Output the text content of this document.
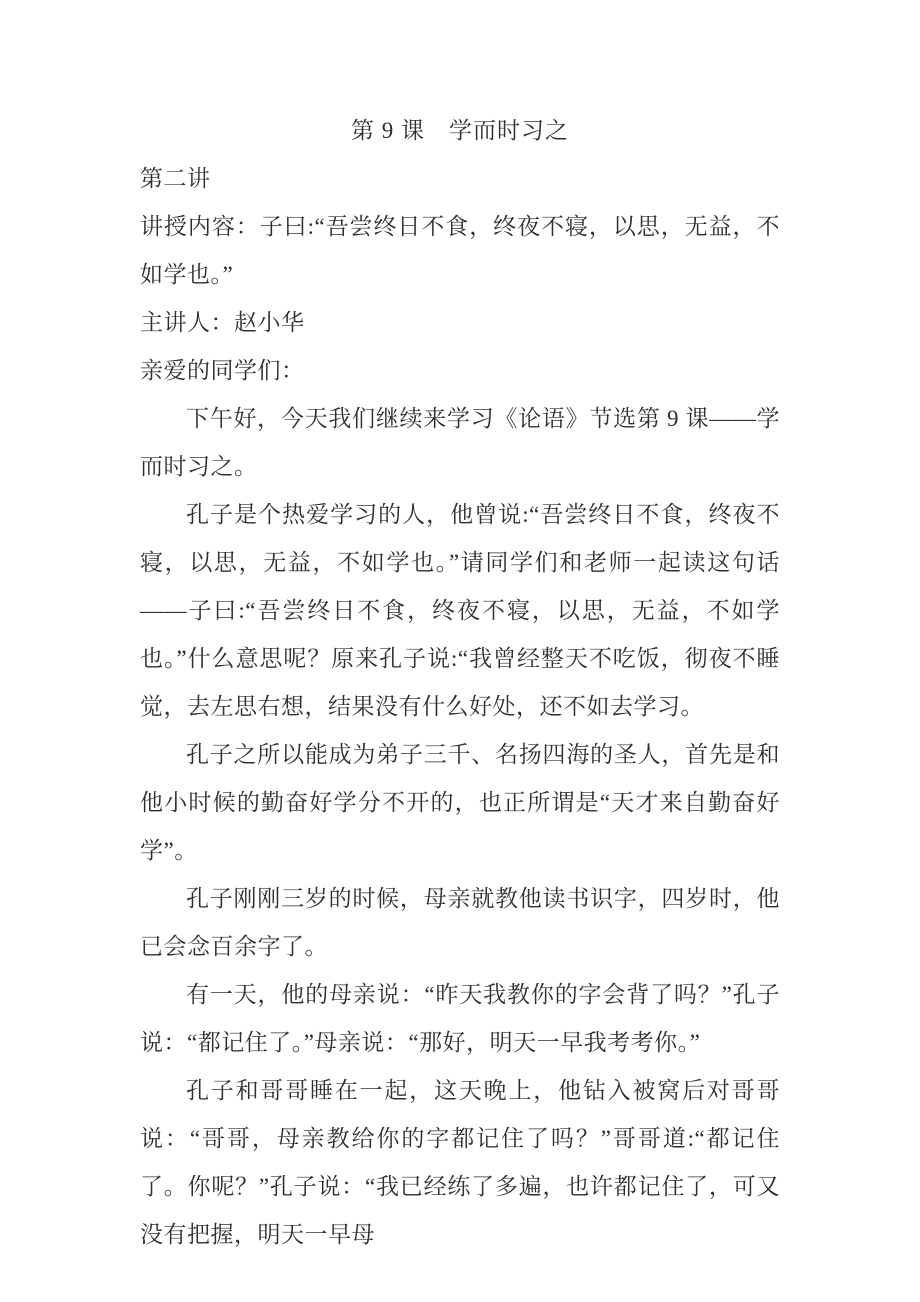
第 9 课　学而时习之

第二讲

讲授内容：子曰:“吾尝终日不食，终夜不寝，以思，无益，不如学也。”

主讲人：赵小华

亲爱的同学们：

下午好，今天我们继续来学习《论语》节选第 9 课——学而时习之。

孔子是个热爱学习的人，他曾说:“吾尝终日不食，终夜不寝，以思，无益，不如学也。”请同学们和老师一起读这句话——子曰:“吾尝终日不食，终夜不寝，以思，无益，不如学也。”什么意思呢？原来孔子说:“我曾经整天不吃饭，彻夜不睡觉，去左思右想，结果没有什么好处，还不如去学习。

孔子之所以能成为弟子三千、名扬四海的圣人，首先是和他小时候的勤奋好学分不开的，也正所谓是“天才来自勤奋好学”。

孔子刚刚三岁的时候，母亲就教他读书识字，四岁时，他已会念百余字了。

有一天，他的母亲说：“昨天我教你的字会背了吗？”孔子说：“都记住了。”母亲说：“那好，明天一早我考考你。”

孔子和哥哥睡在一起，这天晚上，他钻入被窝后对哥哥说：“哥哥，母亲教给你的字都记住了吗？”哥哥道:“都记住了。你呢？”孔子说：“我已经练了多遍，也许都记住了，可又没有把握，明天一早母
